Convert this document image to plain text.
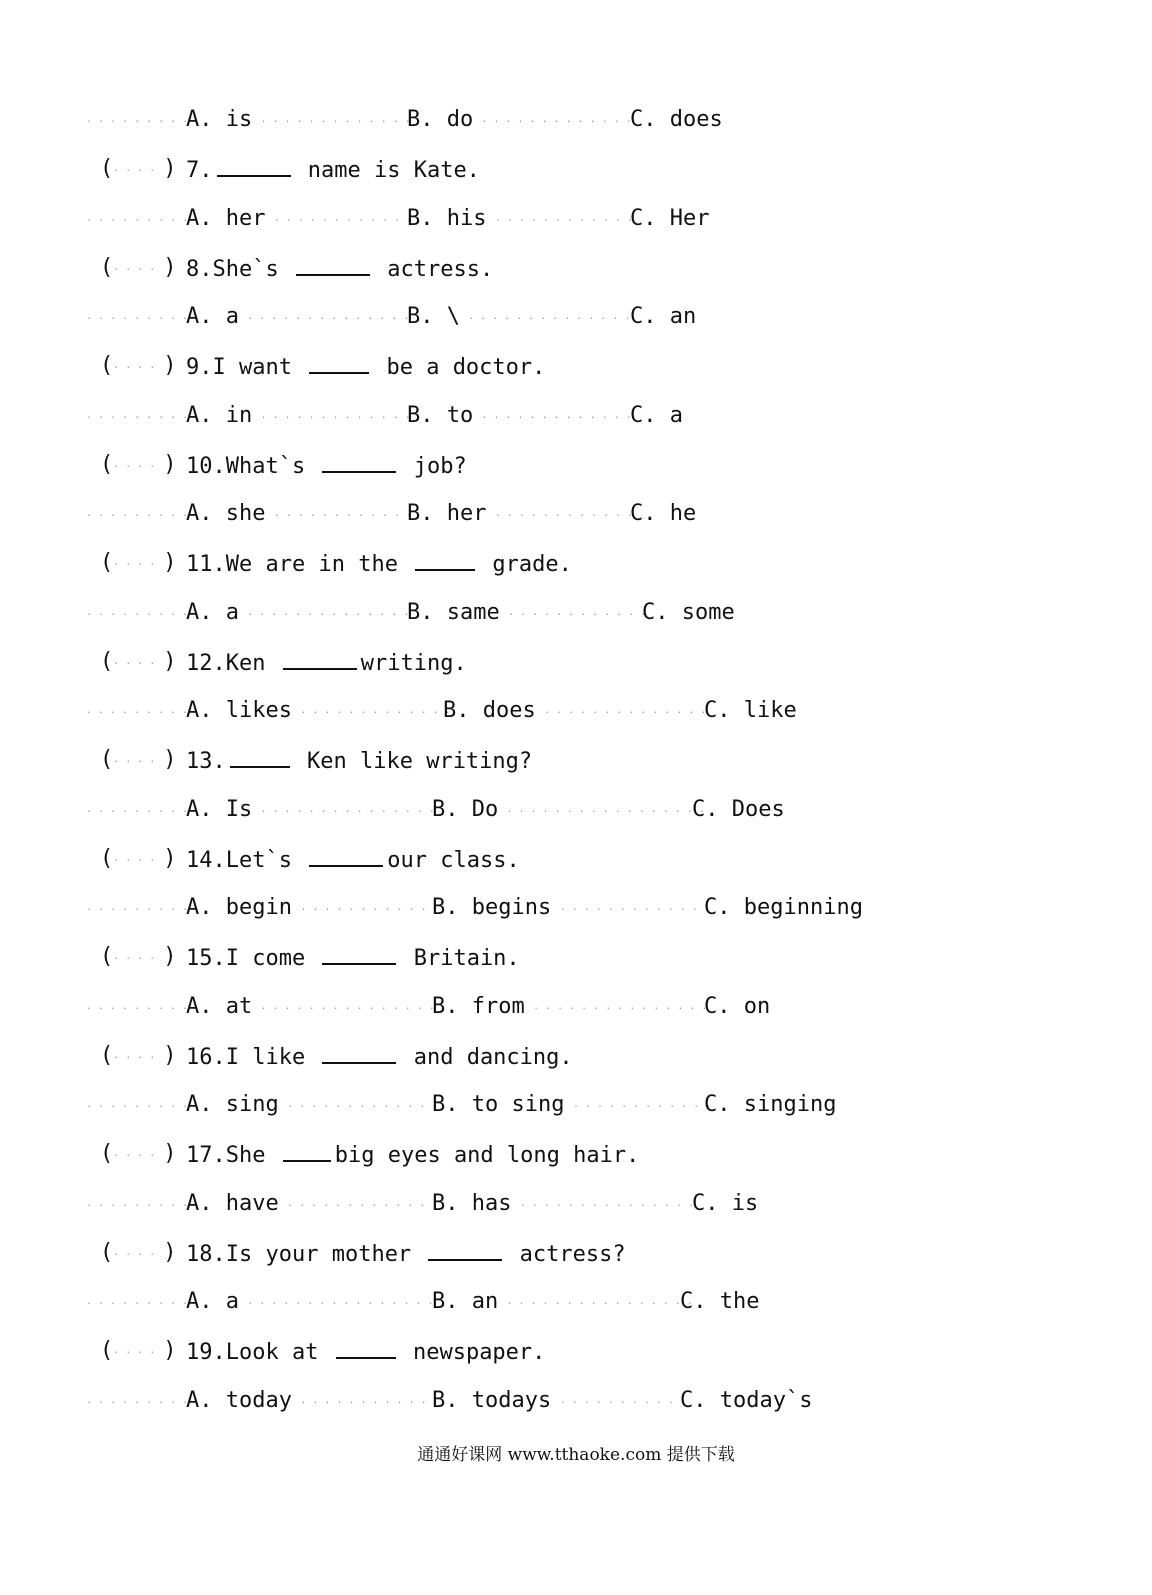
.........
A. is .............
B. do .............
C. does
(....) 7.	name is Kate.
.........
A. her ............
B. his ............
C. Her
(....) 8.She`s	actress.
.........
A. a ..............
B. \ ..............
C. an
(....) 9.I want	be a doctor.
.........
A. in .............
B. to .............
C. a
(....) 10.What`s	job?
.........
A. she ............
B. her ............
C. he
(....) 11.We are in the	grade.
.........
A. a ..............
B. same ............
C. some
(....) 12.Ken	writing.
.........
A. likes .............
B. does ..............
C. like
(....) 13.	Ken like writing?
.........
A. Is ...............
B. Do .................
C. Does
(....) 14.Let`s	our class.
.........
A. begin ............
B. begins .............
C. beginning
(....) 15.I come	Britain.
.........
A. at ...............
B. from ...............
C. on
(....) 16.I like	and dancing.
.........
A. sing .............
B. to sing ............
C. singing
(....) 17.She	big eyes and long hair.
.........
A. have .............
B. has ...............
C. is
(....) 18.Is your mother	actress?
.........
A. a .................
B. an ................
C. the
(....) 19.Look at	newspaper.
.........
A. today ............
B. todays ...........
C. today`s
通通好课网 www.tthaoke.com 提供下载
